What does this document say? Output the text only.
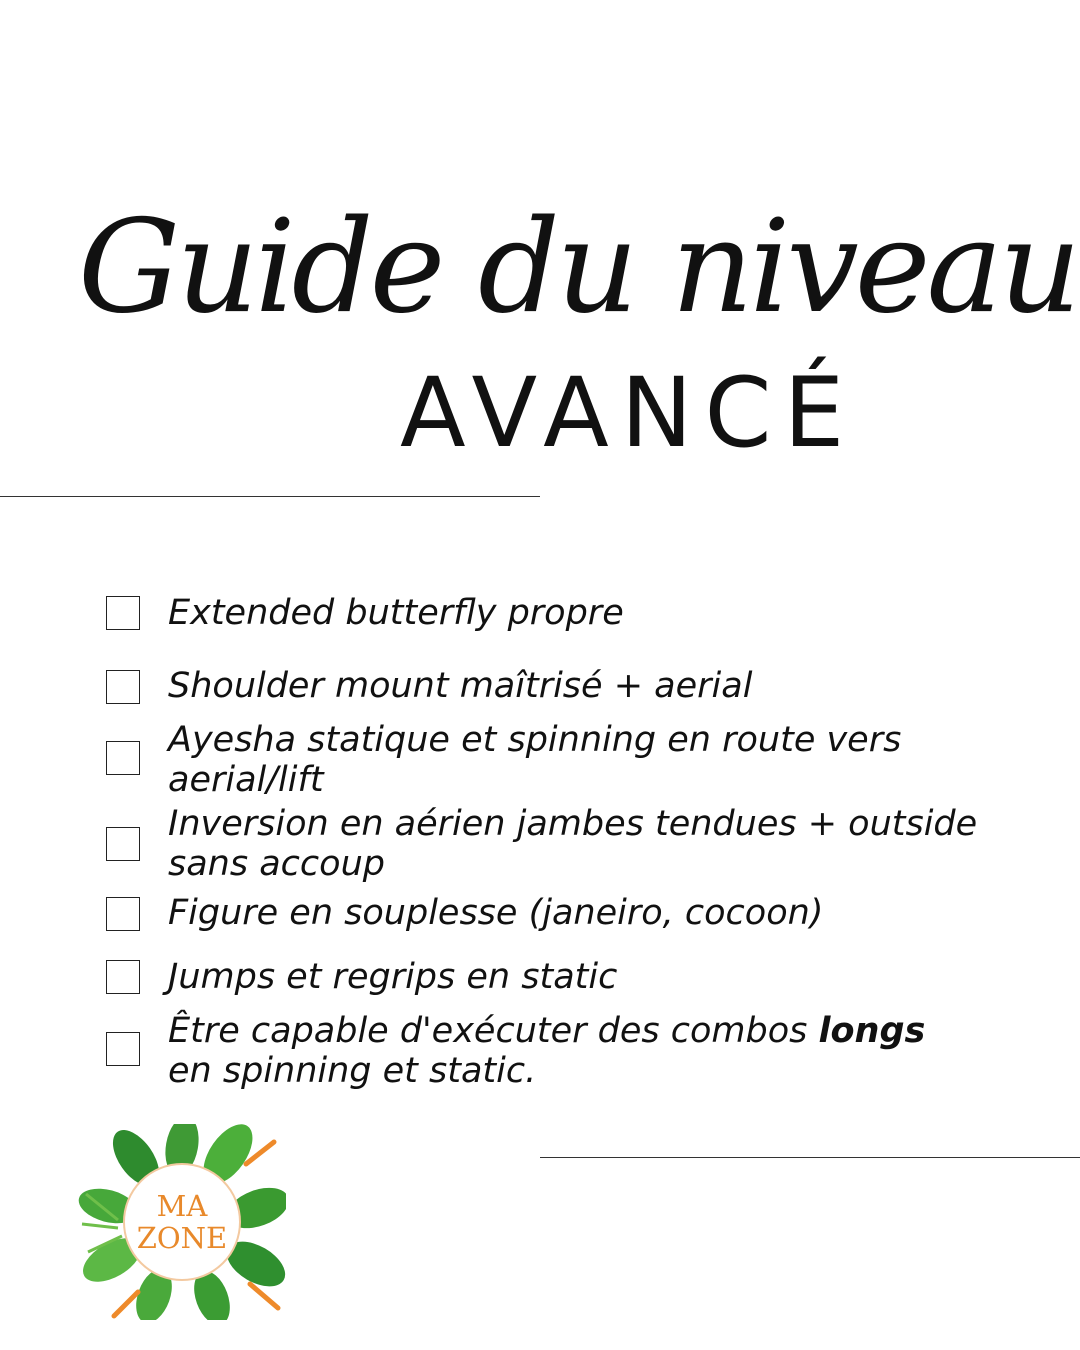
Guide du niveau
AVANCÉ
Extended butterfly propre
Shoulder mount maîtrisé + aerial
Ayesha statique et spinning en route vers
aerial/lift
Inversion en aérien jambes tendues + outside
sans accoup
Figure en souplesse (janeiro, cocoon)
Jumps et regrips en static
Être capable d'exécuter des combos longs
en spinning et static.
MA
ZONE
